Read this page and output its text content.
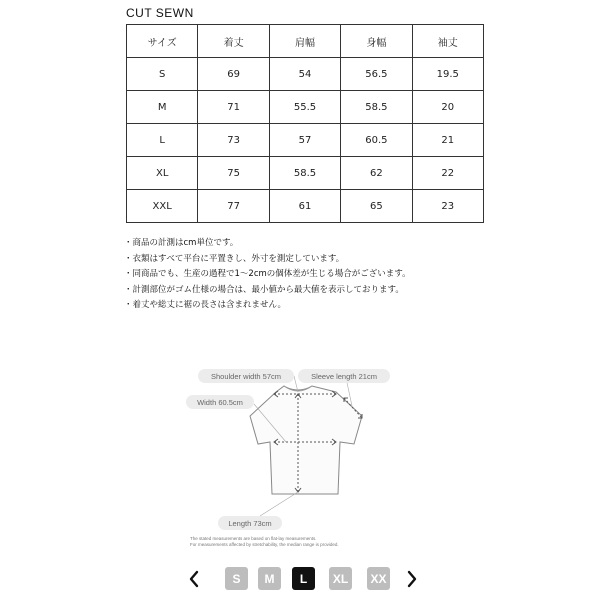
CUT SEWN
サイズ	着丈	肩幅	身幅	袖丈
S	69	54	56.5	19.5
M	71	55.5	58.5	20
L	73	57	60.5	21
XL	75	58.5	62	22
XXL	77	61	65	23
・商品の計測はcm単位です。
・衣類はすべて平台に平置きし、外寸を測定しています。
・同商品でも、生産の過程で1～2cmの個体差が生じる場合がございます。
・計測部位がゴム仕様の場合は、最小値から最大値を表示しております。
・着丈や総丈に裾の長さは含まれません。
Shoulder width 57cm	Sleeve length 21cm
Width 60.5cm
Length 73cm
The stated measurements are based on flat-lay measurements.
For measurements affected by stretchability, the median range is provided.
S	M	L	XL	XX
